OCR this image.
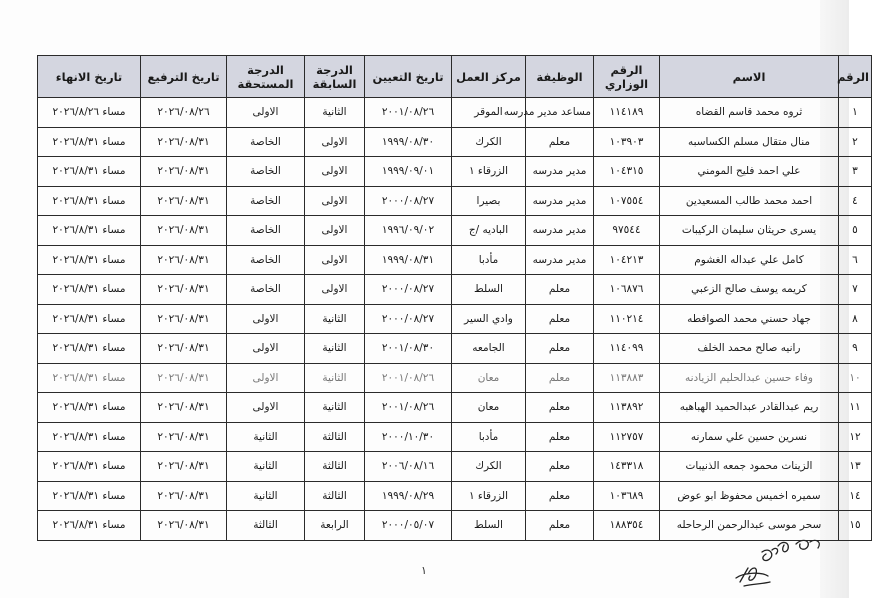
الرقم	الاسم	الرقم الوزاري	الوظيفة	مركز العمل	تاريخ التعيين	الدرجة السابقة	الدرجة المستحقة	تاريخ الترفيع	تاريخ الانهاء
١	ثروه محمد قاسم القضاه	١١٤١٨٩	مساعد مدير مدرسه	الموقر	٢٠٠١/٠٨/٢٦	الثانية	الاولى	٢٠٢٦/٠٨/٢٦	مساء ٢٠٢٦/٨/٢٦
٢	منال متقال مسلم الكساسبه	١٠٣٩٠٣	معلم	الكرك	١٩٩٩/٠٨/٣٠	الاولى	الخاصة	٢٠٢٦/٠٨/٣١	مساء ٢٠٢٦/٨/٣١
٣	علي احمد فليح المومني	١٠٤٣١٥	مدير مدرسه	الزرقاء ١	١٩٩٩/٠٩/٠١	الاولى	الخاصة	٢٠٢٦/٠٨/٣١	مساء ٢٠٢٦/٨/٣١
٤	احمد محمد طالب المسعيدين	١٠٧٥٥٤	مدير مدرسه	بصيرا	٢٠٠٠/٠٨/٢٧	الاولى	الخاصة	٢٠٢٦/٠٨/٣١	مساء ٢٠٢٦/٨/٣١
٥	يسرى حريثان سليمان الركيبات	٩٧٥٤٤	مدير مدرسه	الباديه /ج	١٩٩٦/٠٩/٠٢	الاولى	الخاصة	٢٠٢٦/٠٨/٣١	مساء ٢٠٢٦/٨/٣١
٦	كامل علي عبداله الغشوم	١٠٤٢١٣	مدير مدرسه	مأدبا	١٩٩٩/٠٨/٣١	الاولى	الخاصة	٢٠٢٦/٠٨/٣١	مساء ٢٠٢٦/٨/٣١
٧	كريمه يوسف صالح الزعبي	١٠٦٨٧٦	معلم	السلط	٢٠٠٠/٠٨/٢٧	الاولى	الخاصة	٢٠٢٦/٠٨/٣١	مساء ٢٠٢٦/٨/٣١
٨	جهاد حسني محمد الصوافطه	١١٠٢١٤	معلم	وادي السير	٢٠٠٠/٠٨/٢٧	الثانية	الاولى	٢٠٢٦/٠٨/٣١	مساء ٢٠٢٦/٨/٣١
٩	رانيه صالح محمد الخلف	١١٤٠٩٩	معلم	الجامعه	٢٠٠١/٠٨/٣٠	الثانية	الاولى	٢٠٢٦/٠٨/٣١	مساء ٢٠٢٦/٨/٣١
١٠	وفاء حسين عبدالحليم الزيادنه	١١٣٨٨٣	معلم	معان	٢٠٠١/٠٨/٢٦	الثانية	الاولى	٢٠٢٦/٠٨/٣١	مساء ٢٠٢٦/٨/٣١
١١	ريم عبدالقادر عبدالحميد الهباهبه	١١٣٨٩٢	معلم	معان	٢٠٠١/٠٨/٢٦	الثانية	الاولى	٢٠٢٦/٠٨/٣١	مساء ٢٠٢٦/٨/٣١
١٢	نسرين حسين علي سمارنه	١١٢٧٥٧	معلم	مأدبا	٢٠٠٠/١٠/٣٠	الثالثة	الثانية	٢٠٢٦/٠٨/٣١	مساء ٢٠٢٦/٨/٣١
١٣	الزينات محمود جمعه الذنيبات	١٤٣٣١٨	معلم	الكرك	٢٠٠٦/٠٨/١٦	الثالثة	الثانية	٢٠٢٦/٠٨/٣١	مساء ٢٠٢٦/٨/٣١
١٤	سميره اخميس محفوظ ابو عوض	١٠٣٦٨٩	معلم	الزرقاء ١	١٩٩٩/٠٨/٢٩	الثالثة	الثانية	٢٠٢٦/٠٨/٣١	مساء ٢٠٢٦/٨/٣١
١٥	سحر موسى عبدالرحمن الرحاحله	١٨٨٣٥٤	معلم	السلط	٢٠٠٠/٠٥/٠٧	الرابعة	الثالثة	٢٠٢٦/٠٨/٣١	مساء ٢٠٢٦/٨/٣١
١
